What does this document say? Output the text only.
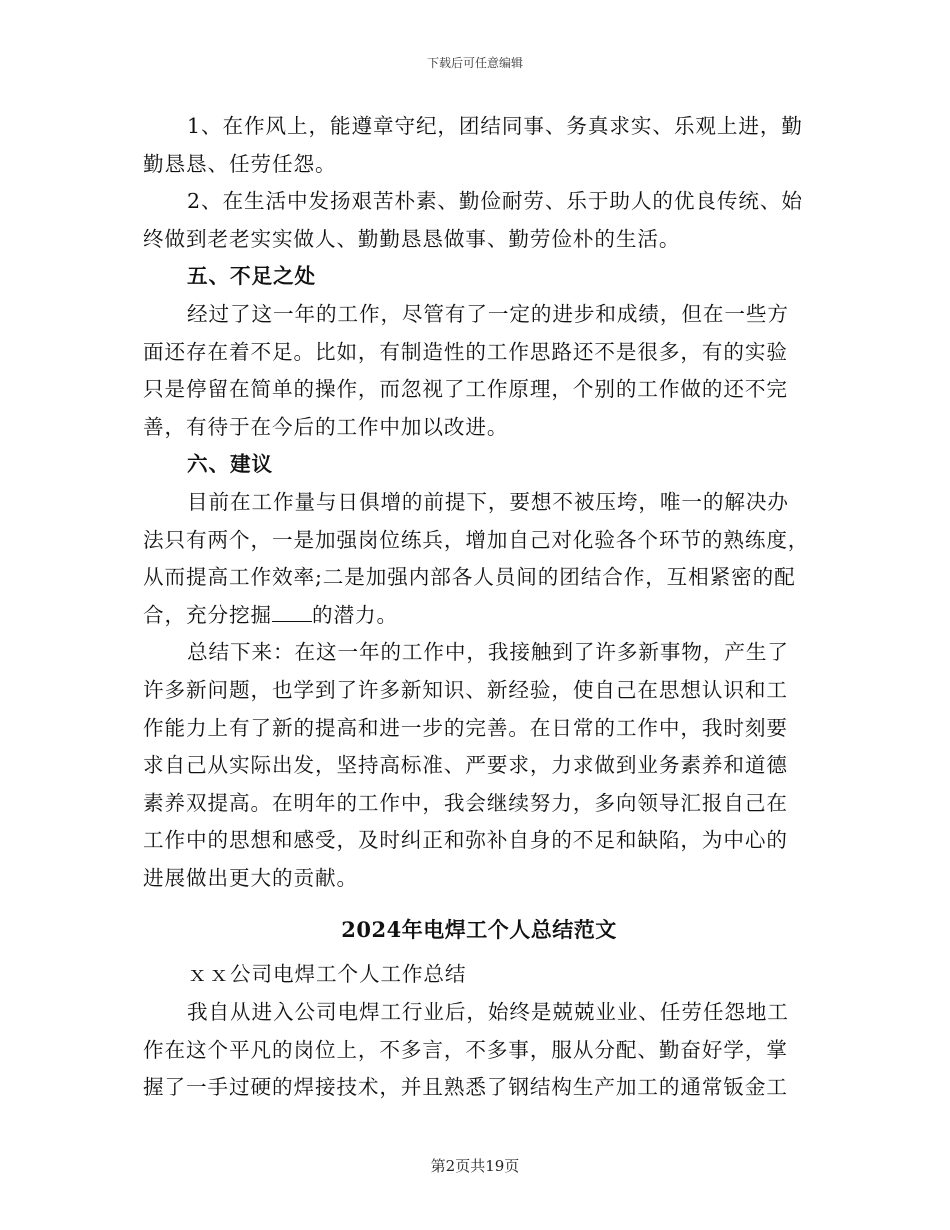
下载后可任意编辑
1、在作风上，能遵章守纪，团结同事、务真求实、乐观上进，勤
勤恳恳、任劳任怨。
2、在生活中发扬艰苦朴素、勤俭耐劳、乐于助人的优良传统、始
终做到老老实实做人、勤勤恳恳做事、勤劳俭朴的生活。
五、不足之处
经过了这一年的工作，尽管有了一定的进步和成绩，但在一些方
面还存在着不足。比如，有制造性的工作思路还不是很多，有的实验
只是停留在简单的操作，而忽视了工作原理，个别的工作做的还不完
善，有待于在今后的工作中加以改进。
六、建议
目前在工作量与日俱增的前提下，要想不被压垮，唯一的解决办
法只有两个，一是加强岗位练兵，增加自己对化验各个环节的熟练度，
从而提高工作效率;二是加强内部各人员间的团结合作，互相紧密的配
合，充分挖掘 的潜力。
总结下来：在这一年的工作中，我接触到了许多新事物，产生了
许多新问题，也学到了许多新知识、新经验，使自己在思想认识和工
作能力上有了新的提高和进一步的完善。在日常的工作中，我时刻要
求自己从实际出发，坚持高标准、严要求，力求做到业务素养和道德
素养双提高。在明年的工作中，我会继续努力，多向领导汇报自己在
工作中的思想和感受，及时纠正和弥补自身的不足和缺陷，为中心的
进展做出更大的贡献。
2024年电焊工个人总结范文
ｘｘ公司电焊工个人工作总结
我自从进入公司电焊工行业后，始终是兢兢业业、任劳任怨地工
作在这个平凡的岗位上，不多言，不多事，服从分配、勤奋好学，掌
握了一手过硬的焊接技术，并且熟悉了钢结构生产加工的通常钣金工
第2页共19页
